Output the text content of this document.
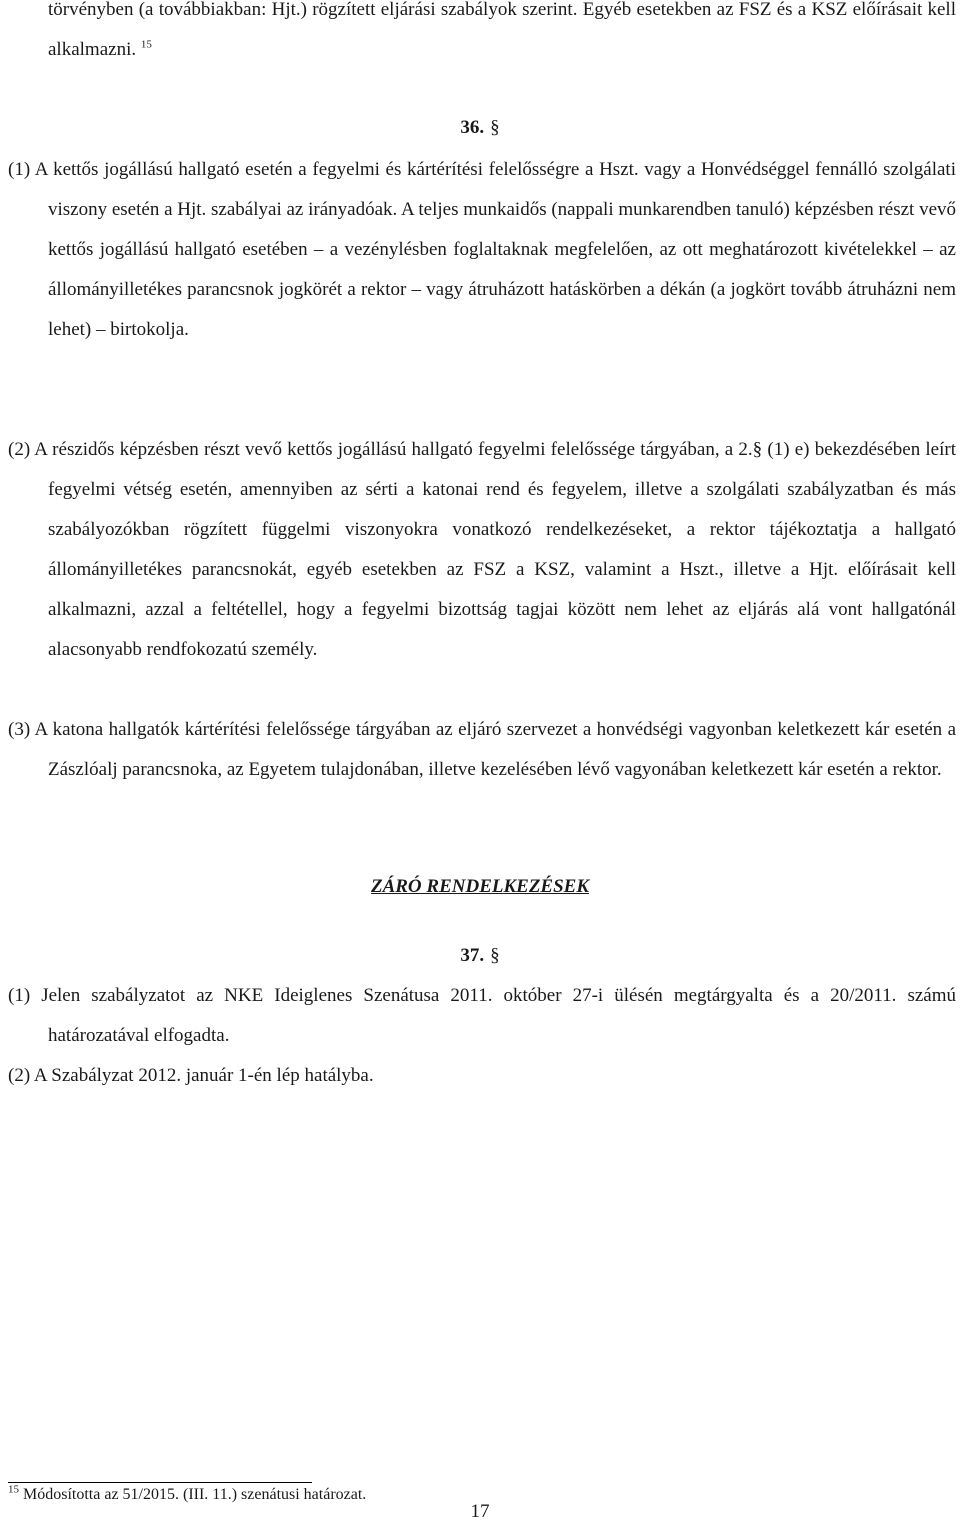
törvényben (a továbbiakban: Hjt.) rögzített eljárási szabályok szerint. Egyéb esetekben az FSZ és a KSZ előírásait kell alkalmazni. $^{15}$

36. §

(1) A kettős jogállású hallgató esetén a fegyelmi és kártérítési felelősségre a Hszt. vagy a Honvédséggel fennálló szolgálati viszony esetén a Hjt. szabályai az irányadóak. A teljes munkaidős (nappali munkarendben tanuló) képzésben részt vevő kettős jogállású hallgató esetében ‒ a vezénylésben foglaltaknak megfelelően, az ott meghatározott kivételekkel ‒ az állományilletékes parancsnok jogkörét a rektor ‒ vagy átruházott hatáskörben a dékán (a jogkört tovább átruházni nem lehet) ‒ birtokolja.

(2) A részidős képzésben részt vevő kettős jogállású hallgató fegyelmi felelőssége tárgyában, a 2.§ (1) e) bekezdésében leírt fegyelmi vétség esetén, amennyiben az sérti a katonai rend és fegyelem, illetve a szolgálati szabályzatban és más szabályozókban rögzített függelmi viszonyokra vonatkozó rendelkezéseket, a rektor tájékoztatja a hallgató állományilletékes parancsnokát, egyéb esetekben az FSZ a KSZ, valamint a Hszt., illetve a Hjt. előírásait kell alkalmazni, azzal a feltétellel, hogy a fegyelmi bizottság tagjai között nem lehet az eljárás alá vont hallgatónál alacsonyabb rendfokozatú személy.

(3) A katona hallgatók kártérítési felelőssége tárgyában az eljáró szervezet a honvédségi vagyonban keletkezett kár esetén a Zászlóalj parancsnoka, az Egyetem tulajdonában, illetve kezelésében lévő vagyonában keletkezett kár esetén a rektor.

ZÁRÓ RENDELKEZÉSEK
37. §

(1) Jelen szabályzatot az NKE Ideiglenes Szenátusa 2011. október 27-i ülésén megtárgyalta és a 20/2011. számú határozatával elfogadta.

(2) A Szabályzat 2012. január 1-én lép hatályba.

$^{15}$ Módosította az 51/2015. (III. 11.) szenátusi határozat.
17
